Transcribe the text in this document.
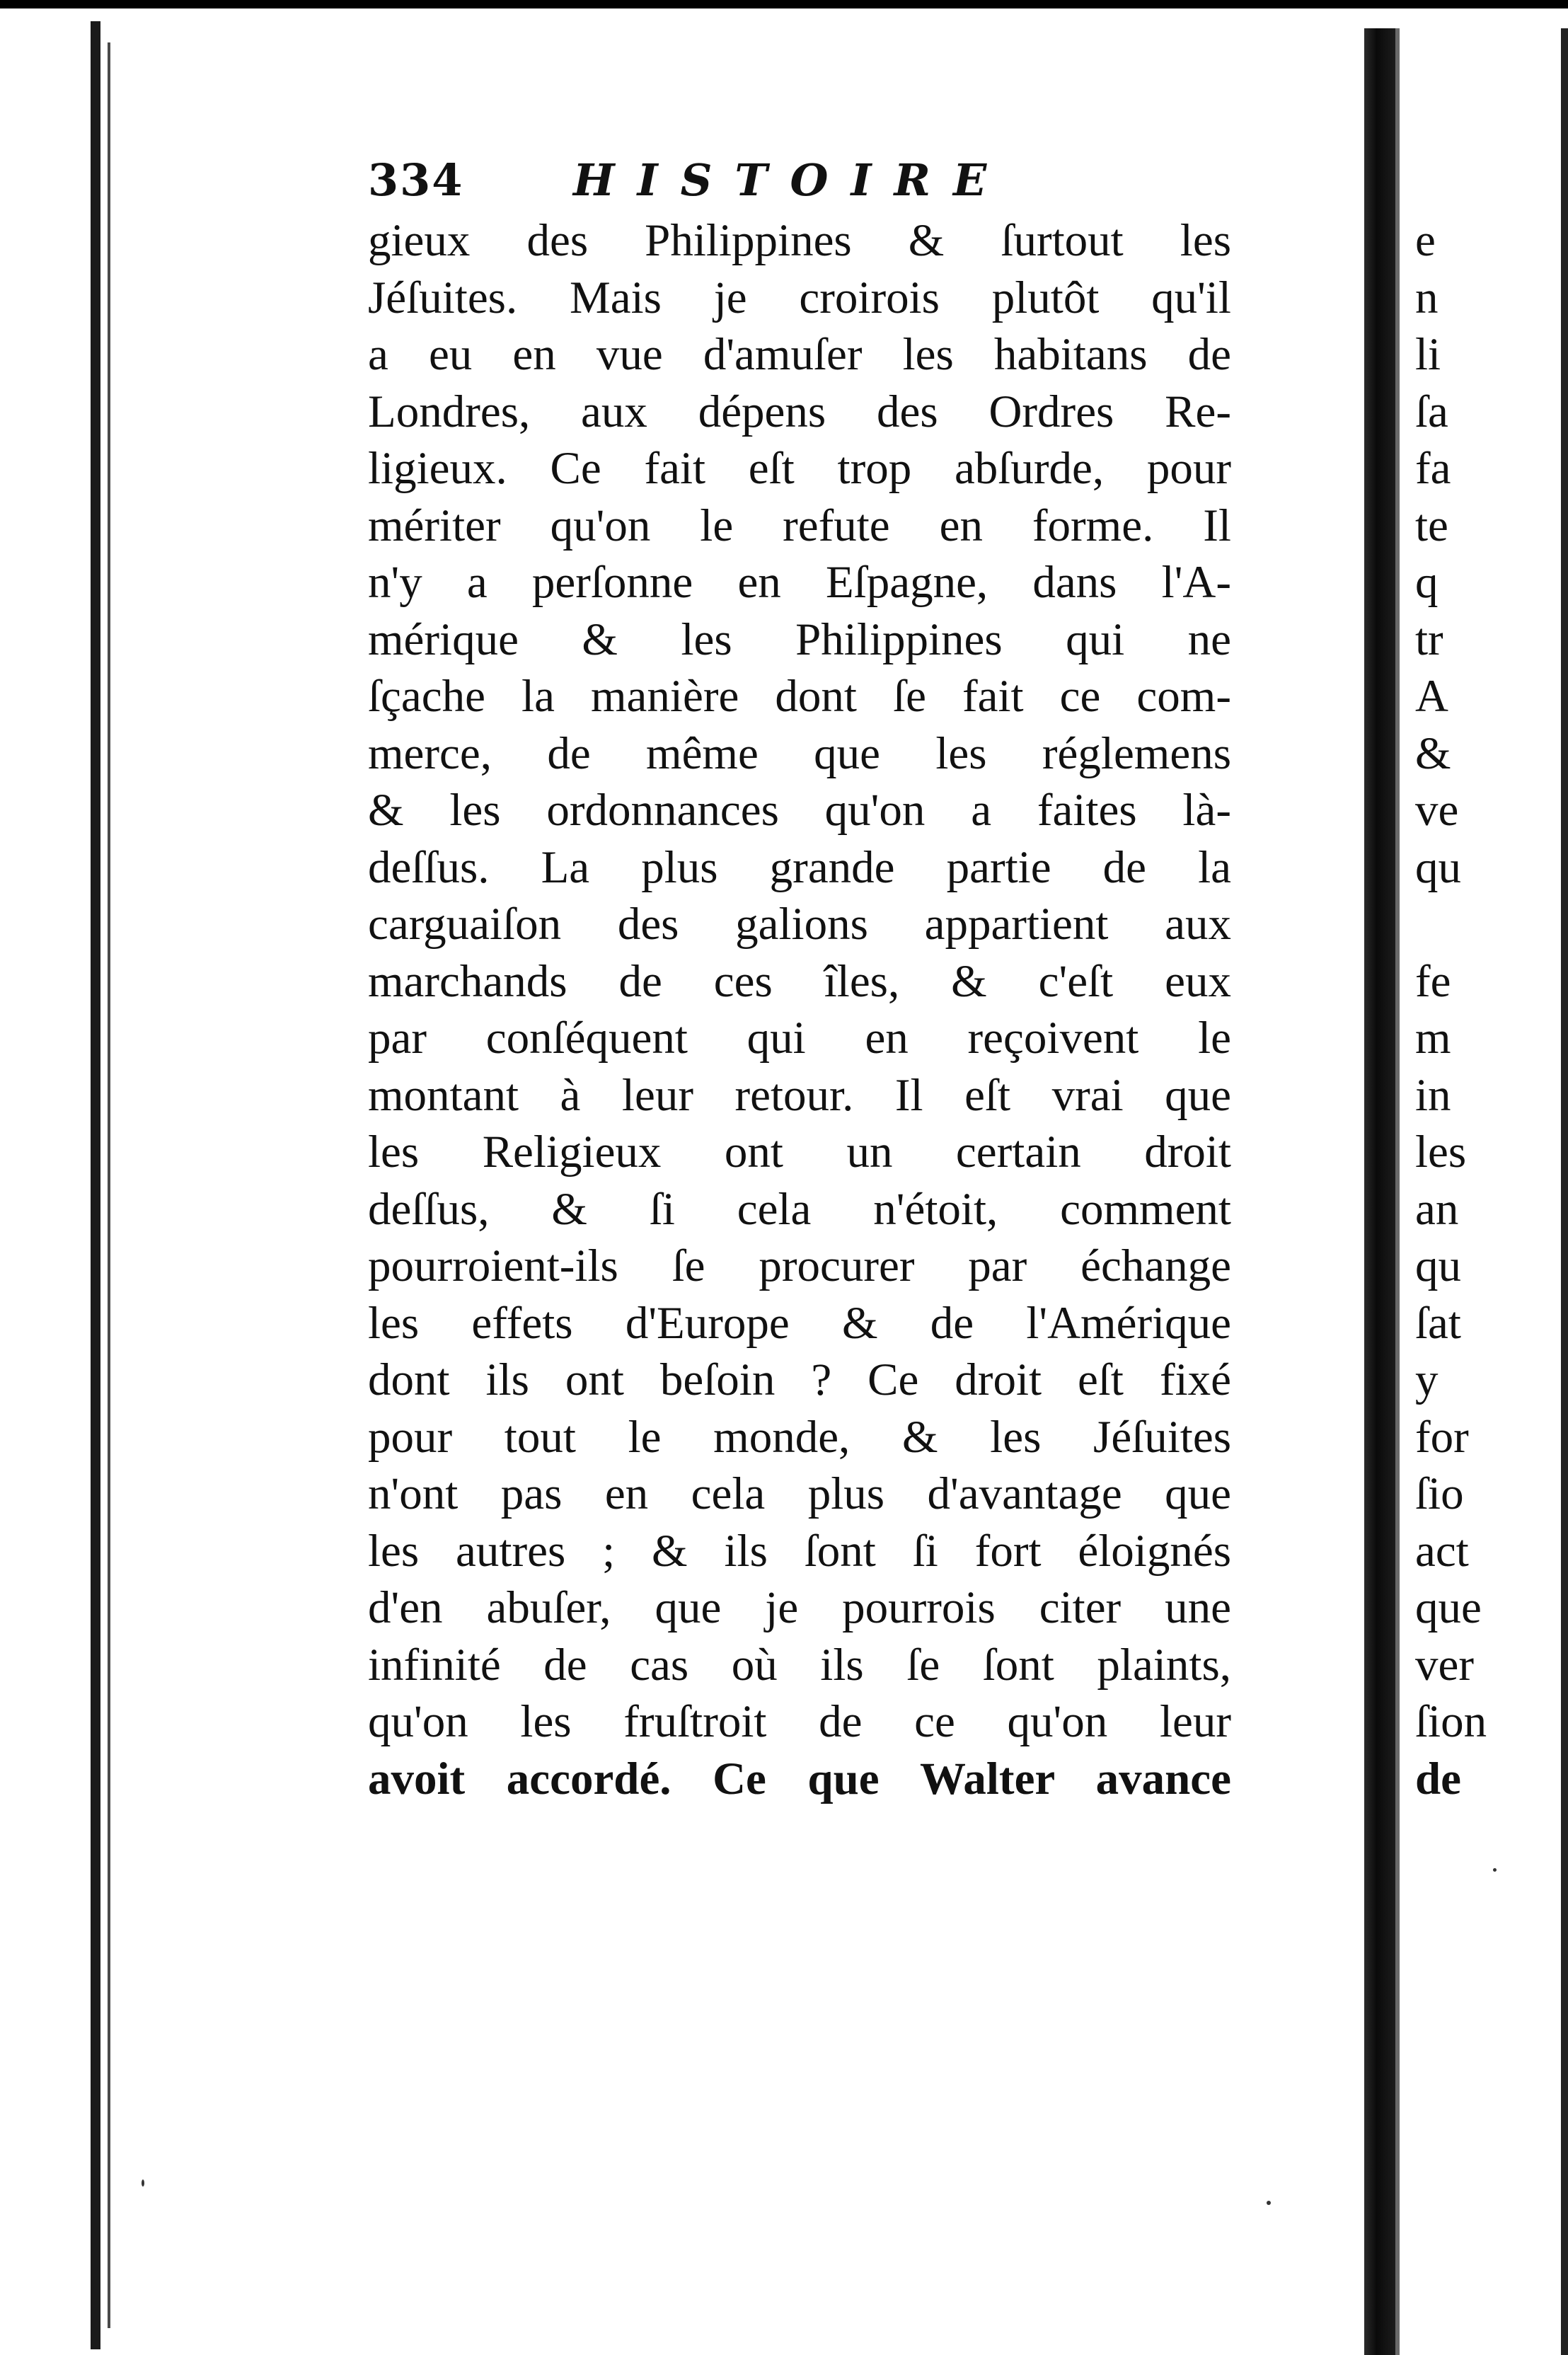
334 HISTOIRE
gieux des Philippines & ſurtout les
Jéſuites. Mais je croirois plutôt qu'il
a eu en vue d'amuſer les habitans de
Londres, aux dépens des Ordres Re-
ligieux. Ce fait eſt trop abſurde, pour
mériter qu'on le refute en forme. Il
n'y a perſonne en Eſpagne, dans l'A-
mérique & les Philippines qui ne
ſçache la manière dont ſe fait ce com-
merce, de même que les réglemens
& les ordonnances qu'on a faites là-
deſſus. La plus grande partie de la
carguaiſon des galions appartient aux
marchands de ces îles, & c'eſt eux
par conſéquent qui en reçoivent le
montant à leur retour. Il eſt vrai que
les Religieux ont un certain droit
deſſus, & ſi cela n'étoit, comment
pourroient-ils ſe procurer par échange
les effets d'Europe & de l'Amérique
dont ils ont beſoin ? Ce droit eſt fixé
pour tout le monde, & les Jéſuites
n'ont pas en cela plus d'avantage que
les autres ; & ils ſont ſi fort éloignés
d'en abuſer, que je pourrois citer une
infinité de cas où ils ſe ſont plaints,
qu'on les fruſtroit de ce qu'on leur
avoit accordé. Ce que Walter avance
e
n
li
ſa
fa
te
q
tr
A
&
ve
qu
fe
m
in
les
an
qu
ſat
y
for
ſio
act
que
ver
ſion
de
